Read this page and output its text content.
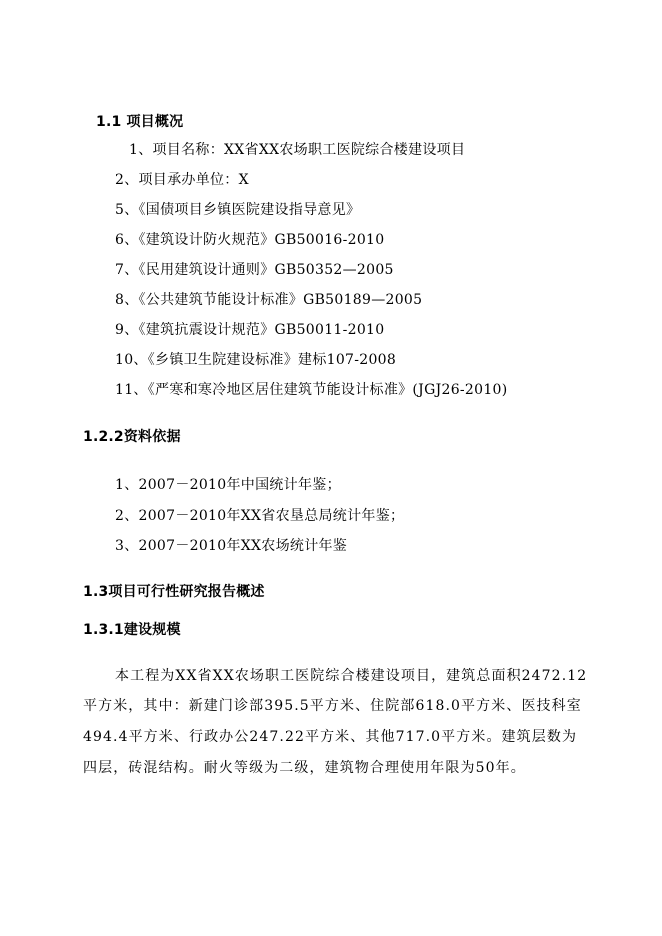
1.1 项目概况
1、项目名称：XX省XX农场职工医院综合楼建设项目
2、项目承办单位：X
5、《国债项目乡镇医院建设指导意见》
6、《建筑设计防火规范》GB50016-2010
7、《民用建筑设计通则》GB50352—2005
8、《公共建筑节能设计标准》GB50189—2005
9、《建筑抗震设计规范》GB50011-2010
10、《乡镇卫生院建设标准》建标107-2008
11、《严寒和寒冷地区居住建筑节能设计标准》(JGJ26-2010)
1.2.2资料依据
1、2007－2010年中国统计年鉴；
2、2007－2010年XX省农垦总局统计年鉴；
3、2007－2010年XX农场统计年鉴
1.3项目可行性研究报告概述
1.3.1建设规模
本工程为XX省XX农场职工医院综合楼建设项目，建筑总面积2472.12
平方米，其中：新建门诊部395.5平方米、住院部618.0平方米、医技科室
494.4平方米、行政办公247.22平方米、其他717.0平方米。建筑层数为
四层，砖混结构。耐火等级为二级，建筑物合理使用年限为50年。
